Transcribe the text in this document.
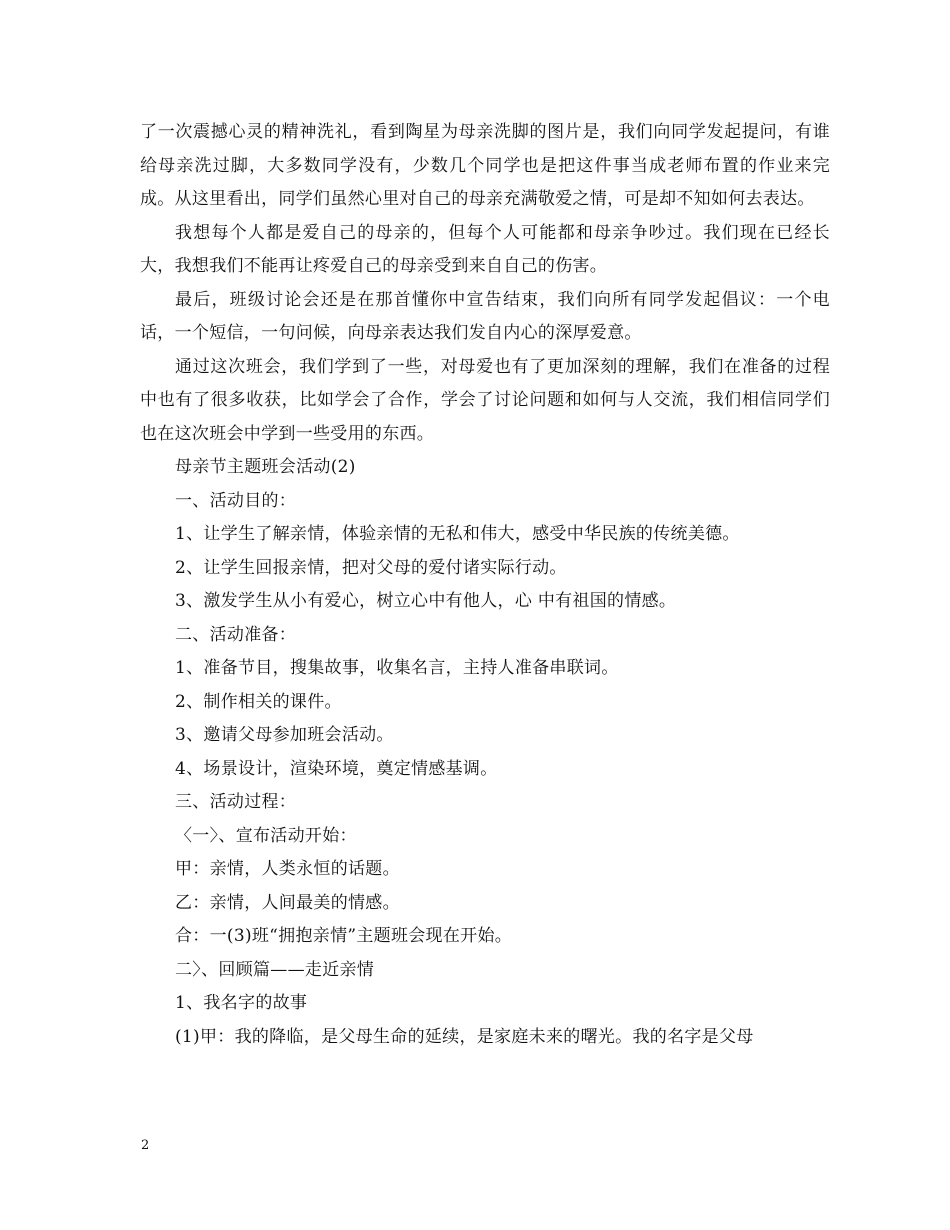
了一次震撼心灵的精神洗礼，看到陶星为母亲洗脚的图片是，我们向同学发起提问，有谁给母亲洗过脚，大多数同学没有，少数几个同学也是把这件事当成老师布置的作业来完成。从这里看出，同学们虽然心里对自己的母亲充满敬爱之情，可是却不知如何去表达。

我想每个人都是爱自己的母亲的，但每个人可能都和母亲争吵过。我们现在已经长大，我想我们不能再让疼爱自己的母亲受到来自自己的伤害。

最后，班级讨论会还是在那首懂你中宣告结束，我们向所有同学发起倡议：一个电话，一个短信，一句问候，向母亲表达我们发自内心的深厚爱意。

通过这次班会，我们学到了一些，对母爱也有了更加深刻的理解，我们在准备的过程中也有了很多收获，比如学会了合作，学会了讨论问题和如何与人交流，我们相信同学们也在这次班会中学到一些受用的东西。

母亲节主题班会活动(2)

一、活动目的：

1、让学生了解亲情，体验亲情的无私和伟大，感受中华民族的传统美德。

2、让学生回报亲情，把对父母的爱付诸实际行动。

3、激发学生从小有爱心，树立心中有他人，心 中有祖国的情感。

二、活动准备：

1、准备节目，搜集故事，收集名言，主持人准备串联词。

2、制作相关的课件。

3、邀请父母参加班会活动。

4、场景设计，渲染环境，奠定情感基调。

三、活动过程：

〈一〉、宣布活动开始：

甲：亲情，人类永恒的话题。

乙：亲情，人间最美的情感。

合：一(3)班“拥抱亲情”主题班会现在开始。

二〉、回顾篇——走近亲情

1、我名字的故事

(1)甲：我的降临，是父母生命的延续，是家庭未来的曙光。我的名字是父母

2
